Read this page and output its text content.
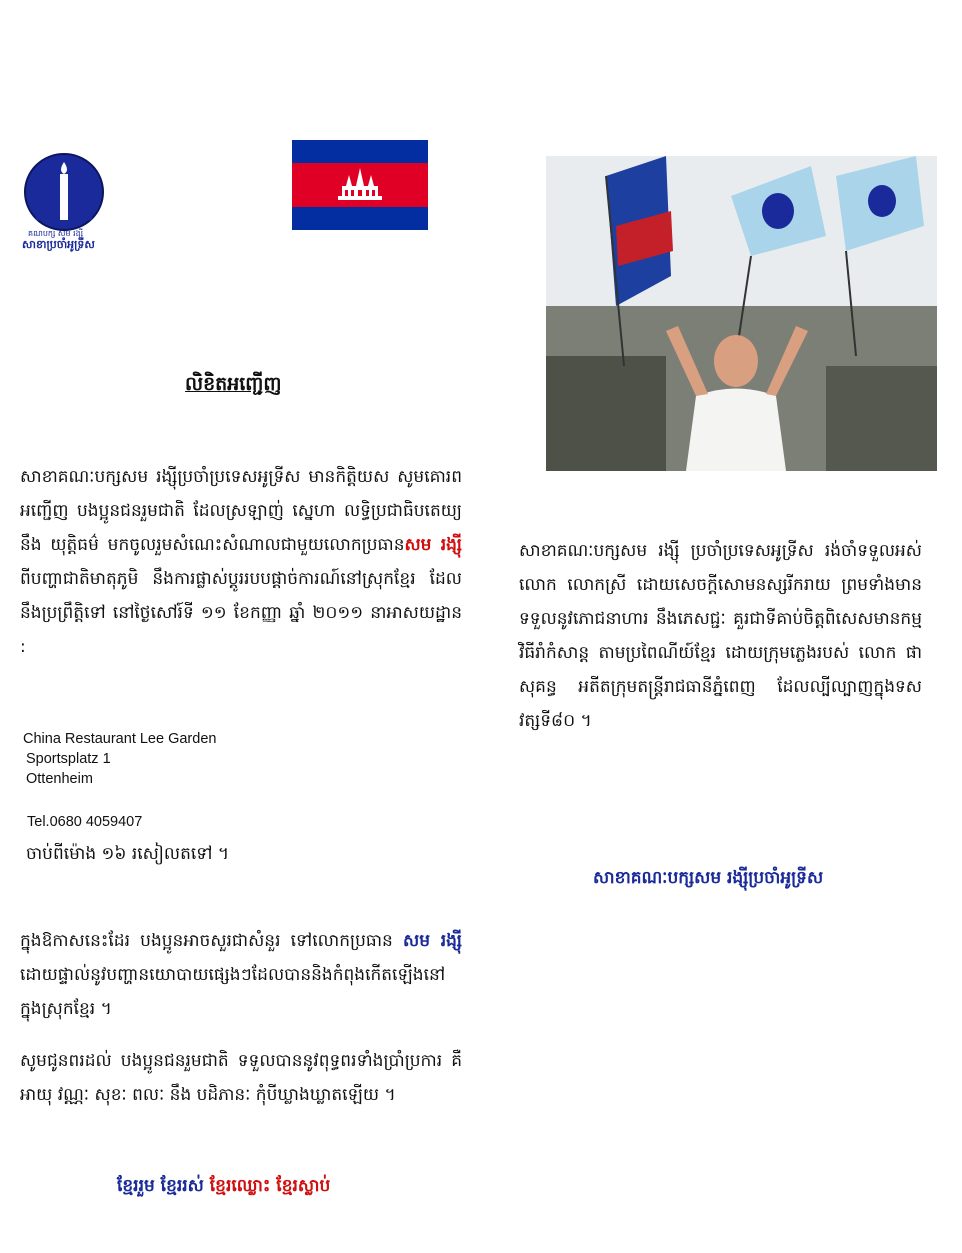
គណបក្ស សម រង្ស៊ី
សាខាប្រចាំអូទ្រីស
លិខិតអញ្ជើញ
សាខាគណៈបក្សសម រង្ស៊ីប្រចាំប្រទេសអូទ្រីស មានកិត្តិយស សូមគោរពអញ្ជើញ បងប្អូនជនរួមជាតិ ដែលស្រឡាញ់ ស្នេហា លទ្ធិប្រជាធិបតេយ្យ នឹង យុត្តិធម៌ មកចូលរួមសំណេះសំណាលជាមួយលោកប្រធានសម រង្ស៊ី ពីបញ្ហាជាតិមាតុភូមិ នឹងការផ្លាស់ប្តូររបបផ្តាច់ការណ៍នៅស្រុកខ្មែរ ដែលនឹងប្រព្រឹត្តិទៅ នៅថ្ងៃសៅរ៍ទី ១១ ខែកញ្ញា ឆ្នាំ ២០១១ នាអាសយដ្ឋាន :
China Restaurant Lee Garden
Sportsplatz 1
Ottenheim
Tel.0680 4059407
ចាប់ពីម៉ោង ១៦ រសៀលតទៅ ។
ក្នុងឱកាសនេះដែរ បងប្អូនអាចសួរជាសំនួរ ទៅលោកប្រធាន សម រង្ស៊ីដោយផ្ទាល់នូវបញ្ហានយោបាយផ្សេងៗដែលបាននិងកំពុងកើតឡើងនៅក្នុងស្រុកខ្មែរ ។
សូមជូនពរដល់ បងប្អូនជនរួមជាតិ ទទួលបាននូវពុទ្ធពរទាំងប្រាំប្រការ គឺ អាយុ វណ្ណៈ សុខៈ ពលៈ នឹង បដិភានៈ កុំបីឃ្លាងឃ្លាតឡើយ ។
ខ្មែររួម ខ្មែររស់ ខ្មែរឈ្លោះ ខ្មែរស្លាប់
សាខាគណៈបក្សសម រង្ស៊ី ប្រចាំប្រទេសអូទ្រីស រង់ចាំទទួលអស់ លោក លោកស្រី ដោយសេចក្តីសោមនស្សរីករាយ ព្រមទាំងមានទទួលនូវភោជនាហារ នឹងភេសជ្ជៈ គួរជាទីគាប់ចិត្តពិសេសមានកម្មវិធីរាំកំសាន្ត តាមប្រពៃណីយ៍ខ្មែរ ដោយក្រុមភ្លេងរបស់ លោក ផា សុគន្ធ អតីតក្រុមតន្ត្រីរាជធានីភ្នំពេញ ដែលល្បីល្បាញក្នុងទសវត្សទី៨០ ។
សាខាគណៈបក្សសម រង្ស៊ីប្រចាំអូទ្រីស
